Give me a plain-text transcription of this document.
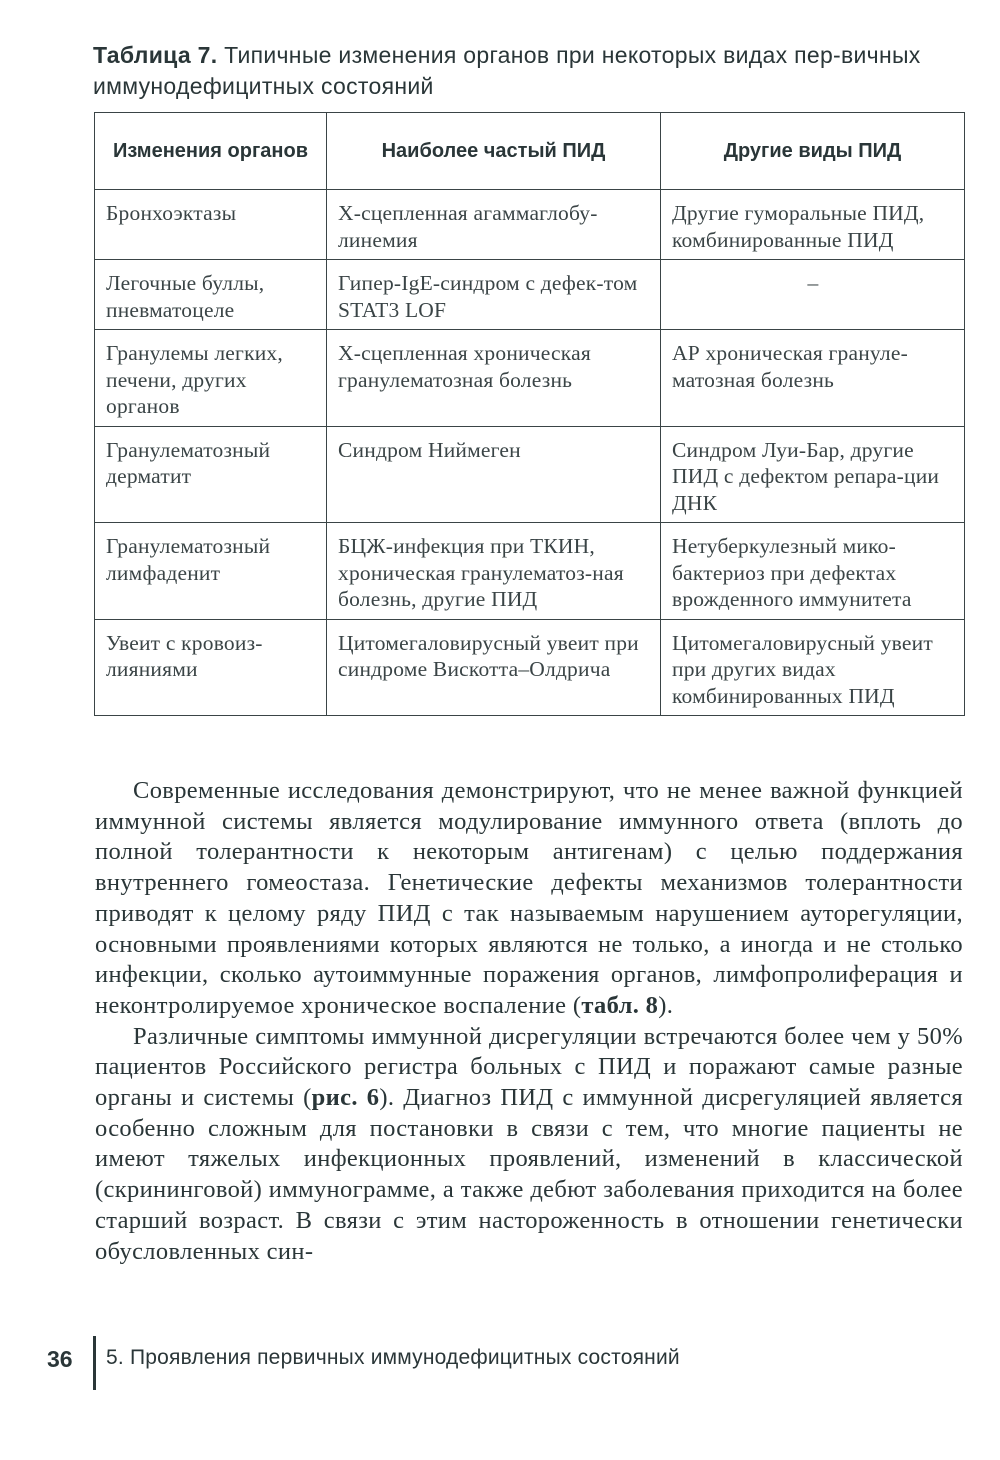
Таблица 7. Типичные изменения органов при некоторых видах пер-вичных иммунодефицитных состояний
Изменения органов	Наиболее частый ПИД	Другие виды ПИД
Бронхоэктазы	Х-сцепленная агаммаглобу-линемия	Другие гуморальные ПИД, комбинированные ПИД
Легочные буллы, пневматоцеле	Гипер-IgE-синдром с дефек-том STAT3 LOF	–
Гранулемы легких, печени, других органов	Х-сцепленная хроническая гранулематозная болезнь	АР хроническая грануле-матозная болезнь
Гранулематозный дерматит	Синдром Ниймеген	Синдром Луи-Бар, другие ПИД с дефектом репара-ции ДНК
Гранулематозный лимфаденит	БЦЖ-инфекция при ТКИН, хроническая гранулематоз-ная болезнь, другие ПИД	Нетуберкулезный мико-бактериоз при дефектах врожденного иммунитета
Увеит с кровоиз-лияниями	Цитомегаловирусный увеит при синдроме Вискотта–Олдрича	Цитомегаловирусный увеит при других видах комбинированных ПИД

Современные исследования демонстрируют, что не менее важной функцией иммунной системы является модулирование иммунного ответа (вплоть до полной толерантности к некоторым антигенам) с целью поддержания внутреннего гомеостаза. Генетические дефекты механизмов толерантности приводят к целому ряду ПИД с так называемым нарушением ауторегуляции, основными проявлениями которых являются не только, а иногда и не столько инфекции, сколько аутоиммунные поражения органов, лимфопролиферация и неконтролируемое хроническое воспаление (табл. 8).

Различные симптомы иммунной дисрегуляции встречаются более чем у 50% пациентов Российского регистра больных с ПИД и поражают самые разные органы и системы (рис. 6). Диагноз ПИД с иммунной дисрегуляцией является особенно сложным для постановки в связи с тем, что многие пациенты не имеют тяжелых инфекционных проявлений, изменений в классической (скрининговой) иммунограмме, а также дебют заболевания приходится на более старший возраст. В связи с этим настороженность в отношении генетически обусловленных син-

36 5. Проявления первичных иммунодефицитных состояний
